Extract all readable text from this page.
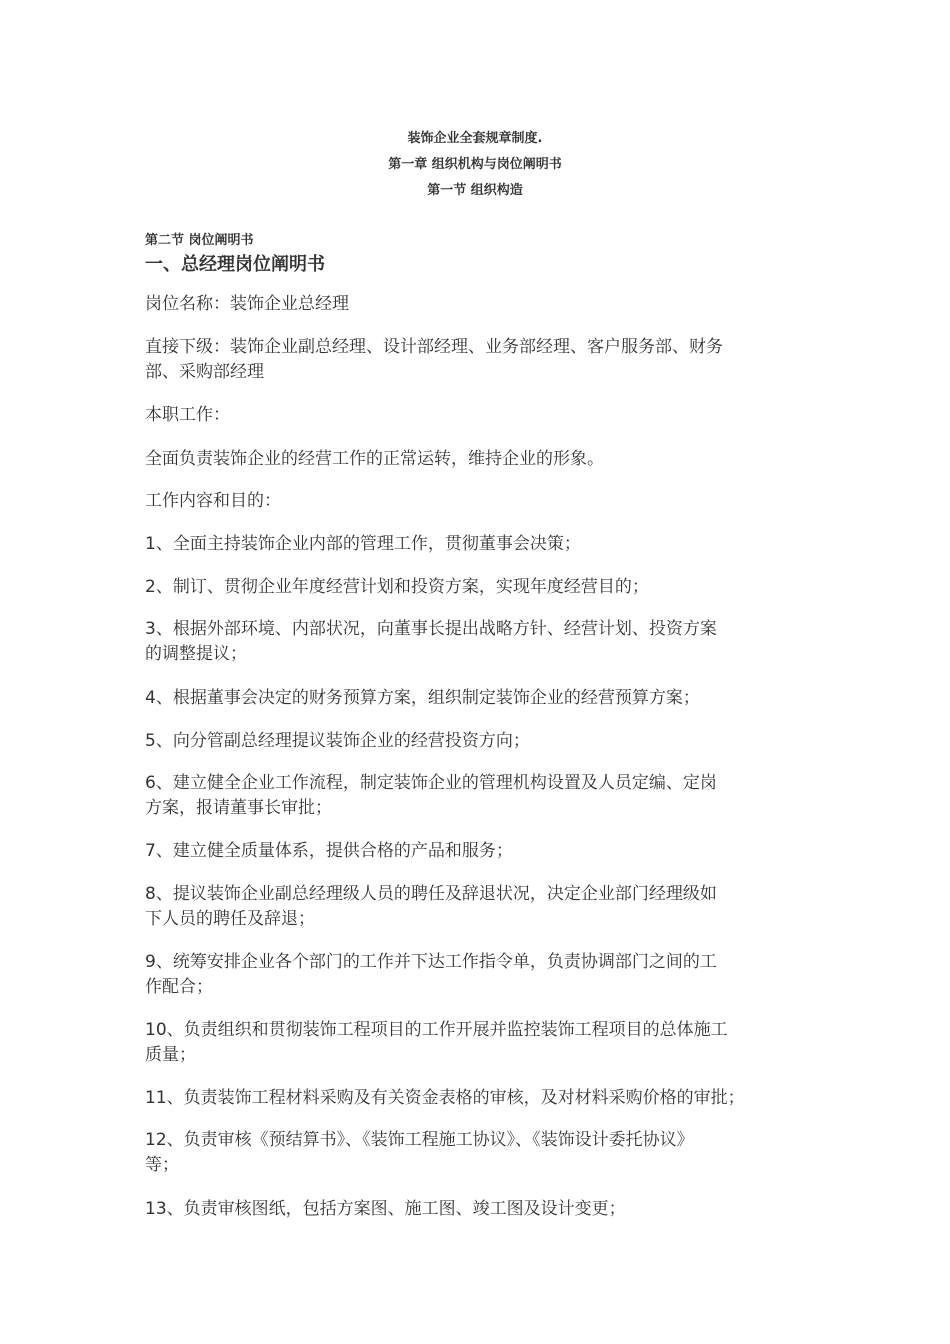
装饰企业全套规章制度.
第一章 组织机构与岗位阐明书
第一节 组织构造
第二节 岗位阐明书
一、总经理岗位阐明书
岗位名称：装饰企业总经理
直接下级：装饰企业副总经理、设计部经理、业务部经理、客户服务部、财务
部、采购部经理
本职工作：
全面负责装饰企业的经营工作的正常运转，维持企业的形象。
工作内容和目的：
1、全面主持装饰企业内部的管理工作，贯彻董事会决策；
2、制订、贯彻企业年度经营计划和投资方案，实现年度经营目的；
3、根据外部环境、内部状况，向董事长提出战略方针、经营计划、投资方案
的调整提议；
4、根据董事会决定的财务预算方案，组织制定装饰企业的经营预算方案；
5、向分管副总经理提议装饰企业的经营投资方向；
6、建立健全企业工作流程，制定装饰企业的管理机构设置及人员定编、定岗
方案，报请董事长审批；
7、建立健全质量体系，提供合格的产品和服务；
8、提议装饰企业副总经理级人员的聘任及辞退状况，决定企业部门经理级如
下人员的聘任及辞退；
9、统筹安排企业各个部门的工作并下达工作指令单，负责协调部门之间的工
作配合；
10、负责组织和贯彻装饰工程项目的工作开展并监控装饰工程项目的总体施工
质量；
11、负责装饰工程材料采购及有关资金表格的审核，及对材料采购价格的审批；
12、负责审核《预结算书》、《装饰工程施工协议》、《装饰设计委托协议》
等；
13、负责审核图纸，包括方案图、施工图、竣工图及设计变更；
